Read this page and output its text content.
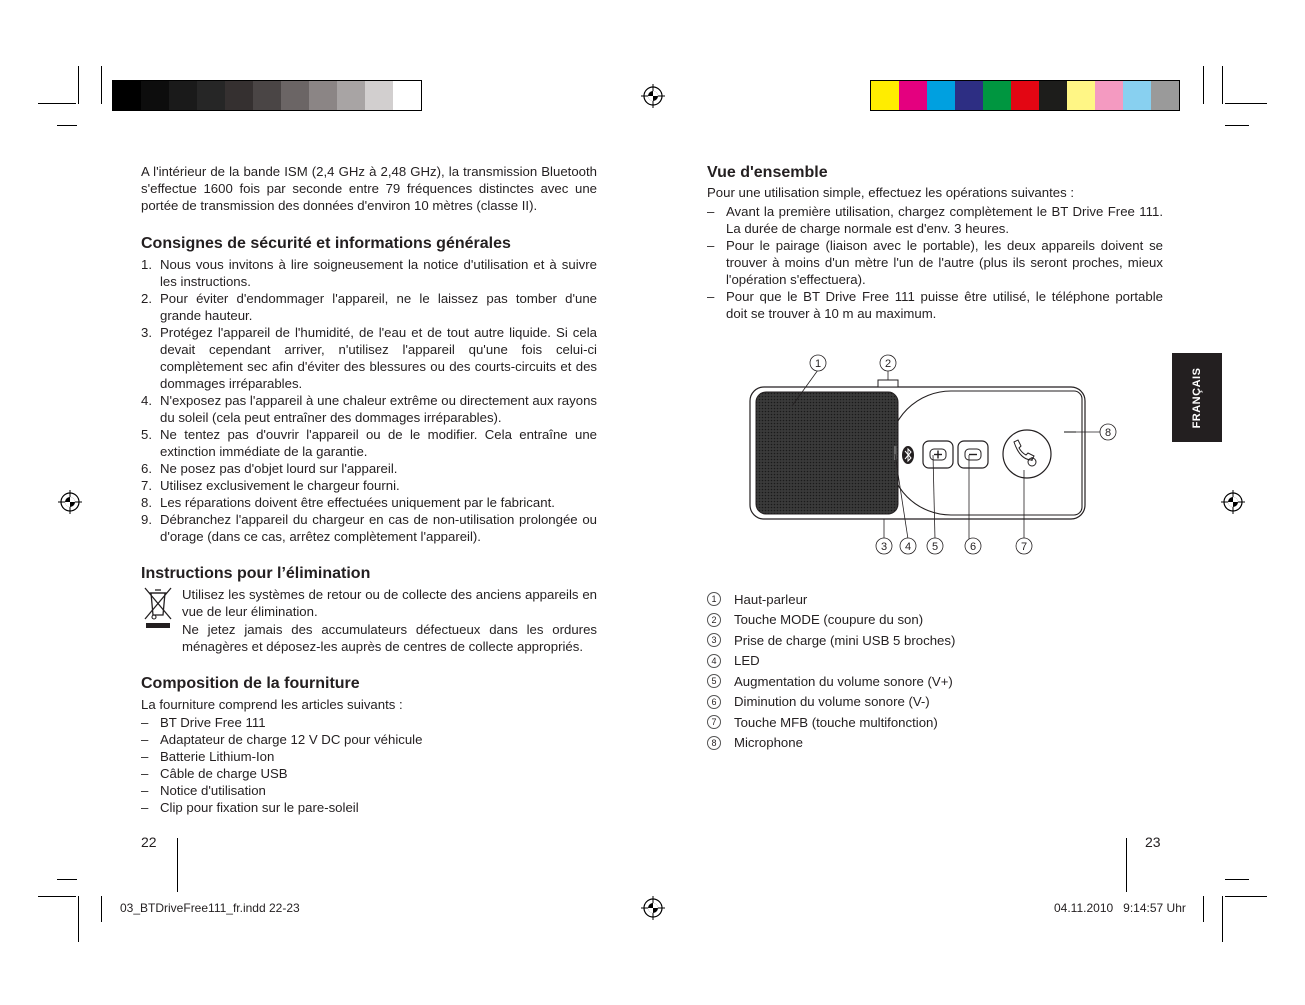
A l'intérieur de la bande ISM (2,4 GHz à 2,48 GHz), la transmission Bluetooth s'effectue 1600 fois par seconde entre 79 fréquences distinctes avec une portée de transmission des données d'environ 10 mètres (classe II).

Consignes de sécurité et informations générales
1. Nous vous invitons à lire soigneusement la notice d'utilisation et à suivre les instructions.
2. Pour éviter d'endommager l'appareil, ne le laissez pas tomber d'une grande hauteur.
3. Protégez l'appareil de l'humidité, de l'eau et de tout autre liquide. Si cela devait cependant arriver, n'utilisez l'appareil qu'une fois celui-ci complètement sec afin d'éviter des blessures ou des courts-circuits et des dommages irréparables.
4. N'exposez pas l'appareil à une chaleur extrême ou directement aux rayons du soleil (cela peut entraîner des dommages irréparables).
5. Ne tentez pas d'ouvrir l'appareil ou de le modifier. Cela entraîne une extinction immédiate de la garantie.
6. Ne posez pas d'objet lourd sur l'appareil.
7. Utilisez exclusivement le chargeur fourni.
8. Les réparations doivent être effectuées uniquement par le fabricant.
9. Débranchez l'appareil du chargeur en cas de non-utilisation prolongée ou d'orage (dans ce cas, arrêtez complètement l'appareil).
Instructions pour l’élimination

Utilisez les systèmes de retour ou de collecte des anciens appareils en vue de leur élimination.

Ne jetez jamais des accumulateurs défectueux dans les ordures ménagères et déposez-les auprès de centres de collecte appropriés.

Composition de la fourniture

La fourniture comprend les articles suivants :

– BT Drive Free 111
– Adaptateur de charge 12 V DC pour véhicule
– Batterie Lithium-Ion
– Câble de charge USB
– Notice d'utilisation
– Clip pour fixation sur le pare-soleil
22
Vue d'ensemble

Pour une utilisation simple, effectuez les opérations suivantes :

– Avant la première utilisation, chargez complètement le BT Drive Free 111. La durée de charge normale est d'env. 3 heures.
– Pour le pairage (liaison avec le portable), les deux appareils doivent se trouver à moins d'un mètre l'un de l'autre (plus ils seront proches, mieux l'opération s'effectuera).
– Pour que le BT Drive Free 111 puisse être utilisé, le téléphone portable doit se trouver à 10 m au maximum.
1	2
8
3 4 5	6	7
1	Haut-parleur
2	Touche MODE (coupure du son)
3	Prise de charge (mini USB 5 broches)
4	LED
5	Augmentation du volume sonore (V+)
6	Diminution du volume sonore (V-)
7	Touche MFB (touche multifonction)
8	Microphone
FRANÇAIS
23
03_BTDriveFree111_fr.indd 22-23	04.11.2010   9:14:57 Uhr
